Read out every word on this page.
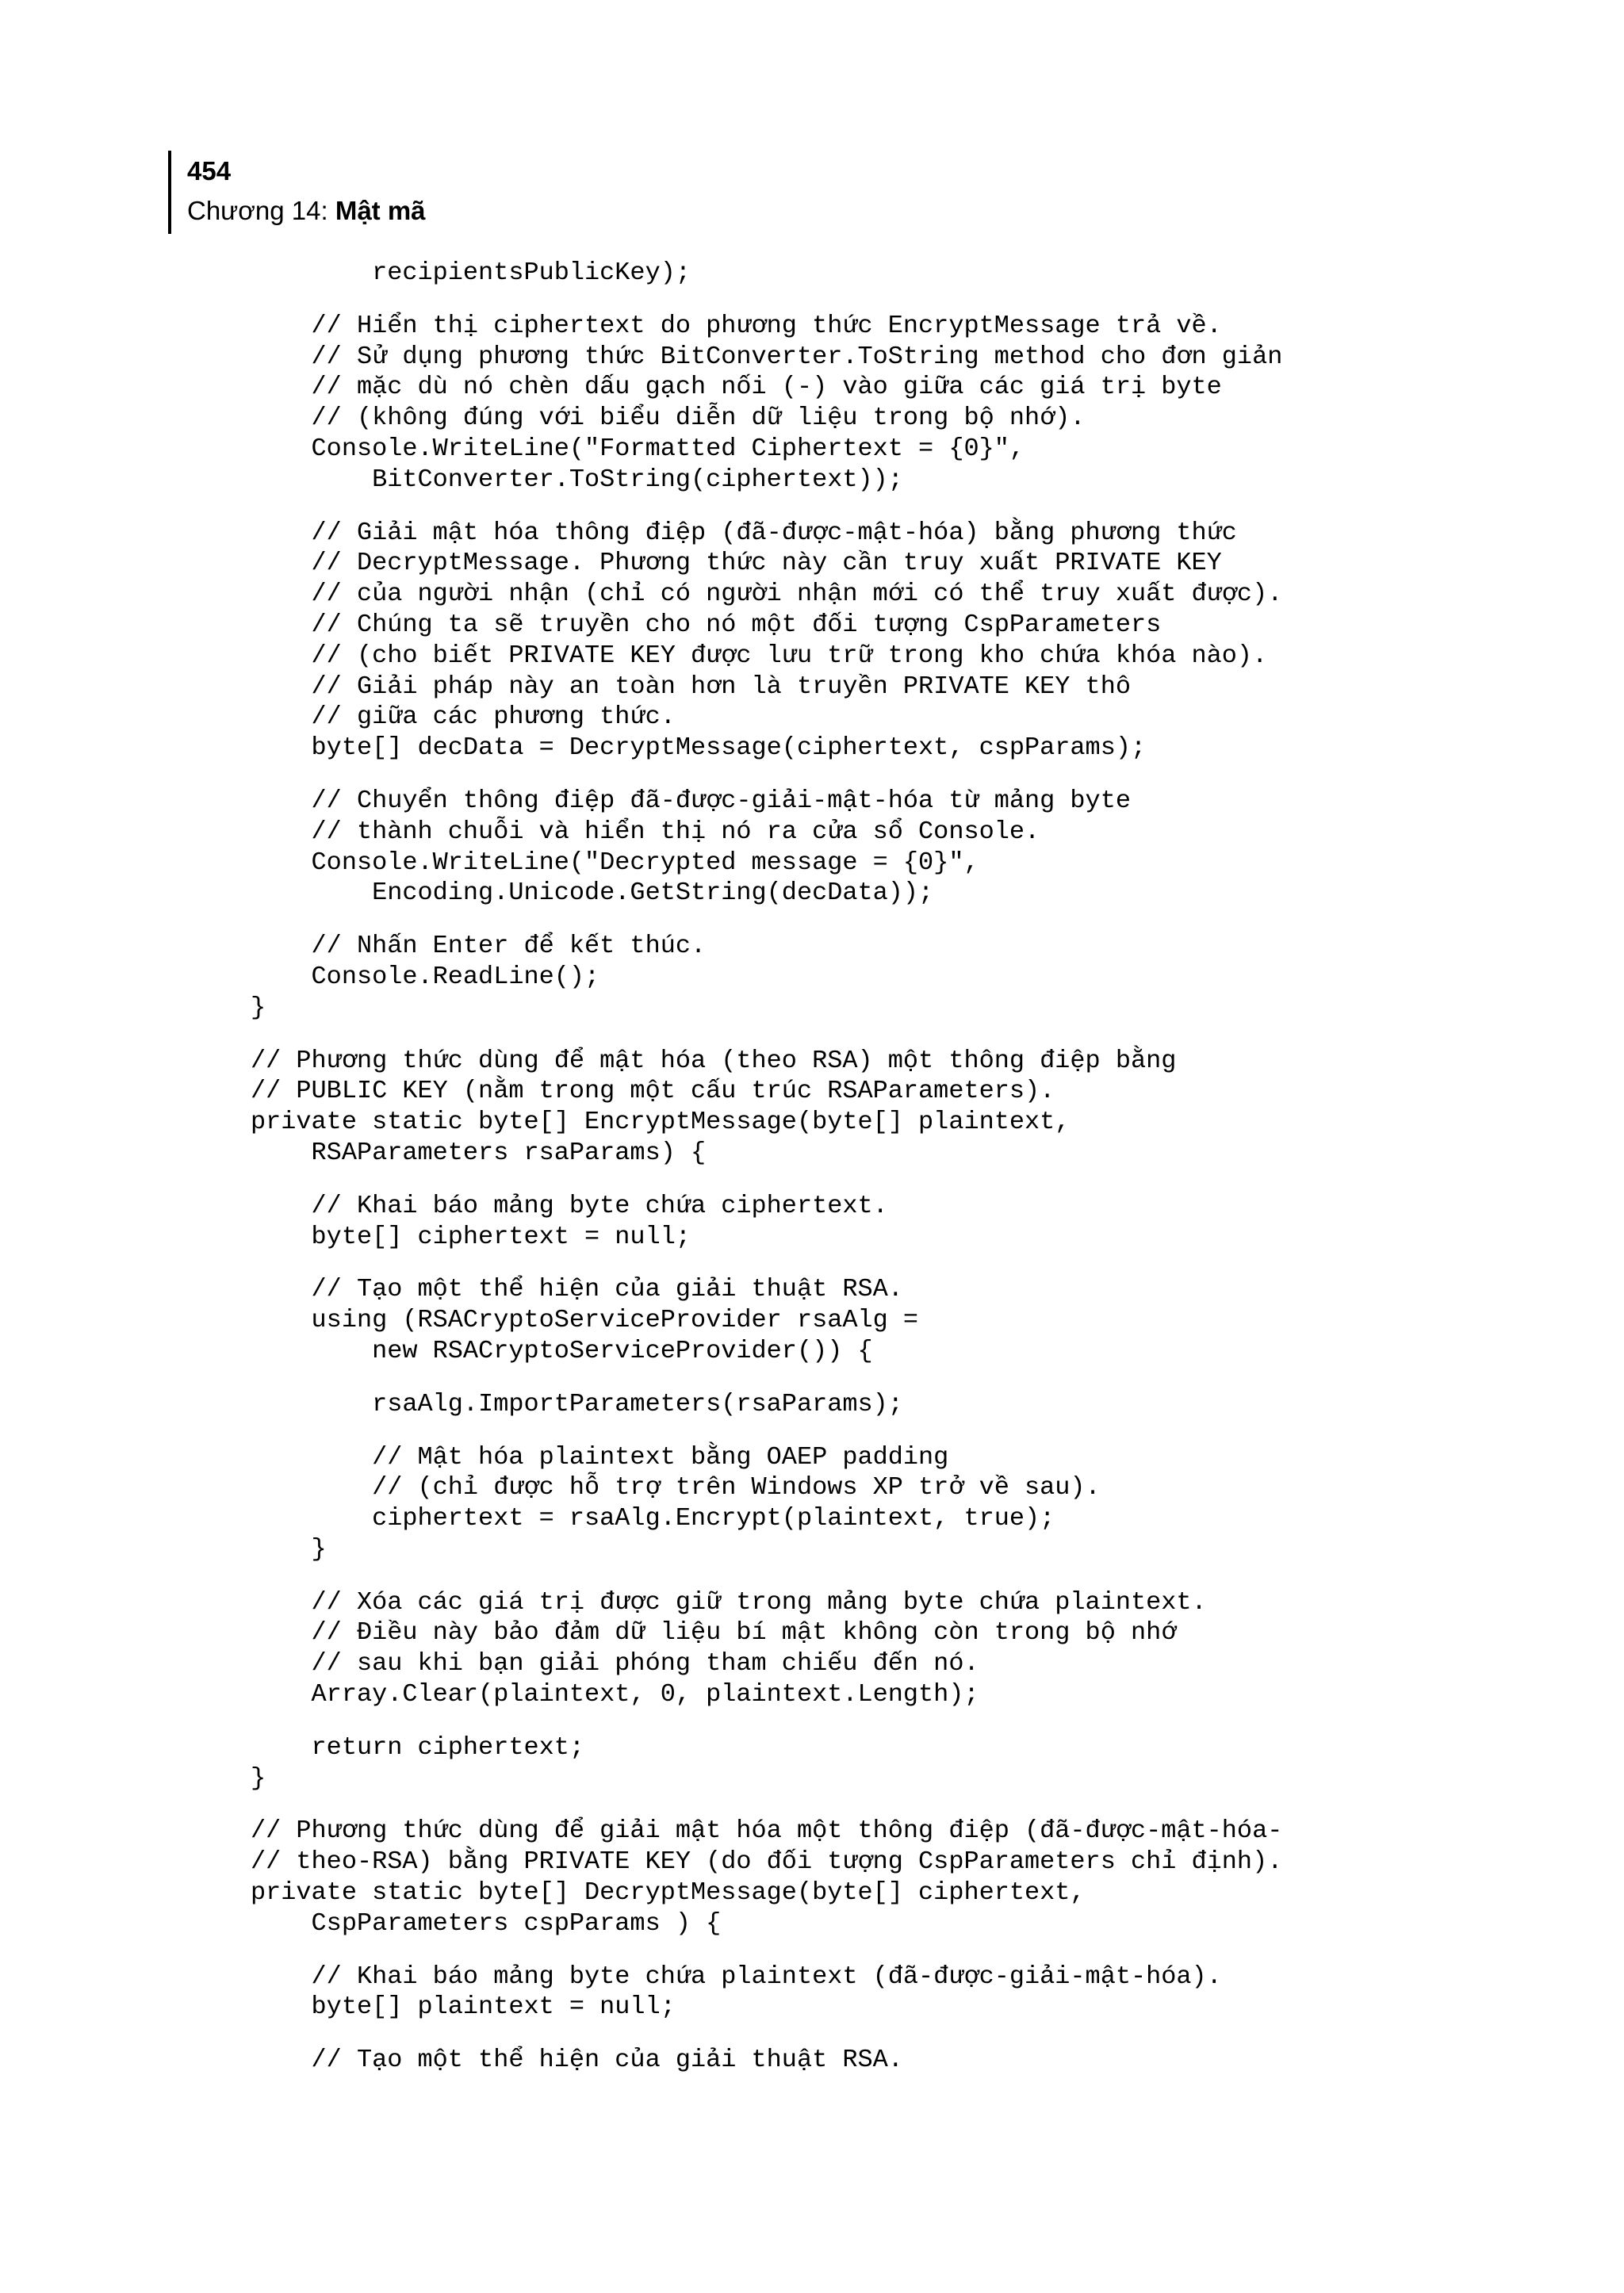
454
Chương 14: Mật mã
recipientsPublicKey);
// Hiển thị ciphertext do phương thức EncryptMessage trả về.
// Sử dụng phương thức BitConverter.ToString method cho đơn giản
// mặc dù nó chèn dấu gạch nối (-) vào giữa các giá trị byte
// (không đúng với biểu diễn dữ liệu trong bộ nhớ).
Console.WriteLine("Formatted Ciphertext = {0}",
BitConverter.ToString(ciphertext));
// Giải mật hóa thông điệp (đã-được-mật-hóa) bằng phương thức
// DecryptMessage. Phương thức này cần truy xuất PRIVATE KEY
// của người nhận (chỉ có người nhận mới có thể truy xuất được).
// Chúng ta sẽ truyền cho nó một đối tượng CspParameters
// (cho biết PRIVATE KEY được lưu trữ trong kho chứa khóa nào).
// Giải pháp này an toàn hơn là truyền PRIVATE KEY thô
// giữa các phương thức.
byte[] decData = DecryptMessage(ciphertext, cspParams);
// Chuyển thông điệp đã-được-giải-mật-hóa từ mảng byte
// thành chuỗi và hiển thị nó ra cửa sổ Console.
Console.WriteLine("Decrypted message = {0}",
Encoding.Unicode.GetString(decData));
// Nhấn Enter để kết thúc.
Console.ReadLine();
}
// Phương thức dùng để mật hóa (theo RSA) một thông điệp bằng
// PUBLIC KEY (nằm trong một cấu trúc RSAParameters).
private static byte[] EncryptMessage(byte[] plaintext,
RSAParameters rsaParams) {
// Khai báo mảng byte chứa ciphertext.
byte[] ciphertext = null;
// Tạo một thể hiện của giải thuật RSA.
using (RSACryptoServiceProvider rsaAlg =
new RSACryptoServiceProvider()) {
rsaAlg.ImportParameters(rsaParams);
// Mật hóa plaintext bằng OAEP padding
// (chỉ được hỗ trợ trên Windows XP trở về sau).
ciphertext = rsaAlg.Encrypt(plaintext, true);
}
// Xóa các giá trị được giữ trong mảng byte chứa plaintext.
// Điều này bảo đảm dữ liệu bí mật không còn trong bộ nhớ
// sau khi bạn giải phóng tham chiếu đến nó.
Array.Clear(plaintext, 0, plaintext.Length);
return ciphertext;
}
// Phương thức dùng để giải mật hóa một thông điệp (đã-được-mật-hóa-
// theo-RSA) bằng PRIVATE KEY (do đối tượng CspParameters chỉ định).
private static byte[] DecryptMessage(byte[] ciphertext,
CspParameters cspParams ) {
// Khai báo mảng byte chứa plaintext (đã-được-giải-mật-hóa).
byte[] plaintext = null;
// Tạo một thể hiện của giải thuật RSA.
